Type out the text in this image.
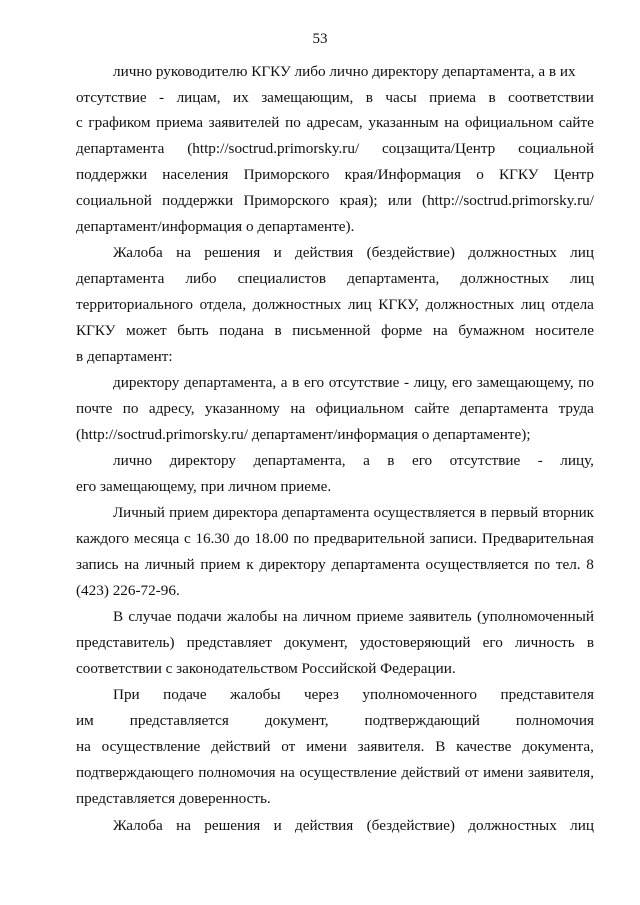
53
лично руководителю КГКУ либо лично директору департамента, а в их
отсутствие - лицам, их замещающим, в часы приема в соответствии
с графиком приема заявителей по адресам, указанным на официальном сайте
департамента (http://soctrud.primorsky.ru/ соцзащита/Центр социальной
поддержки населения Приморского края/Информация о КГКУ Центр
социальной поддержки Приморского края); или (http://soctrud.primorsky.ru/
департамент/информация о департаменте).
Жалоба на решения и действия (бездействие) должностных лиц
департамента либо специалистов департамента, должностных лиц
территориального отдела, должностных лиц КГКУ, должностных лиц отдела
КГКУ может быть подана в письменной форме на бумажном носителе
в департамент:
директору департамента, а в его отсутствие - лицу, его замещающему, по
почте по адресу, указанному на официальном сайте департамента труда
(http://soctrud.primorsky.ru/ департамент/информация о департаменте);
лично директору департамента, а в его отсутствие - лицу,
его замещающему, при личном приеме.
Личный прием директора департамента осуществляется в первый вторник
каждого месяца с 16.30 до 18.00 по предварительной записи. Предварительная
запись на личный прием к директору департамента осуществляется по тел. 8
(423) 226-72-96.
В случае подачи жалобы на личном приеме заявитель (уполномоченный
представитель) представляет документ, удостоверяющий его личность в
соответствии с законодательством Российской Федерации.
При подаче жалобы через уполномоченного представителя
им представляется документ, подтверждающий полномочия
на осуществление действий от имени заявителя. В качестве документа,
подтверждающего полномочия на осуществление действий от имени заявителя,
представляется доверенность.
Жалоба на решения и действия (бездействие) должностных лиц
